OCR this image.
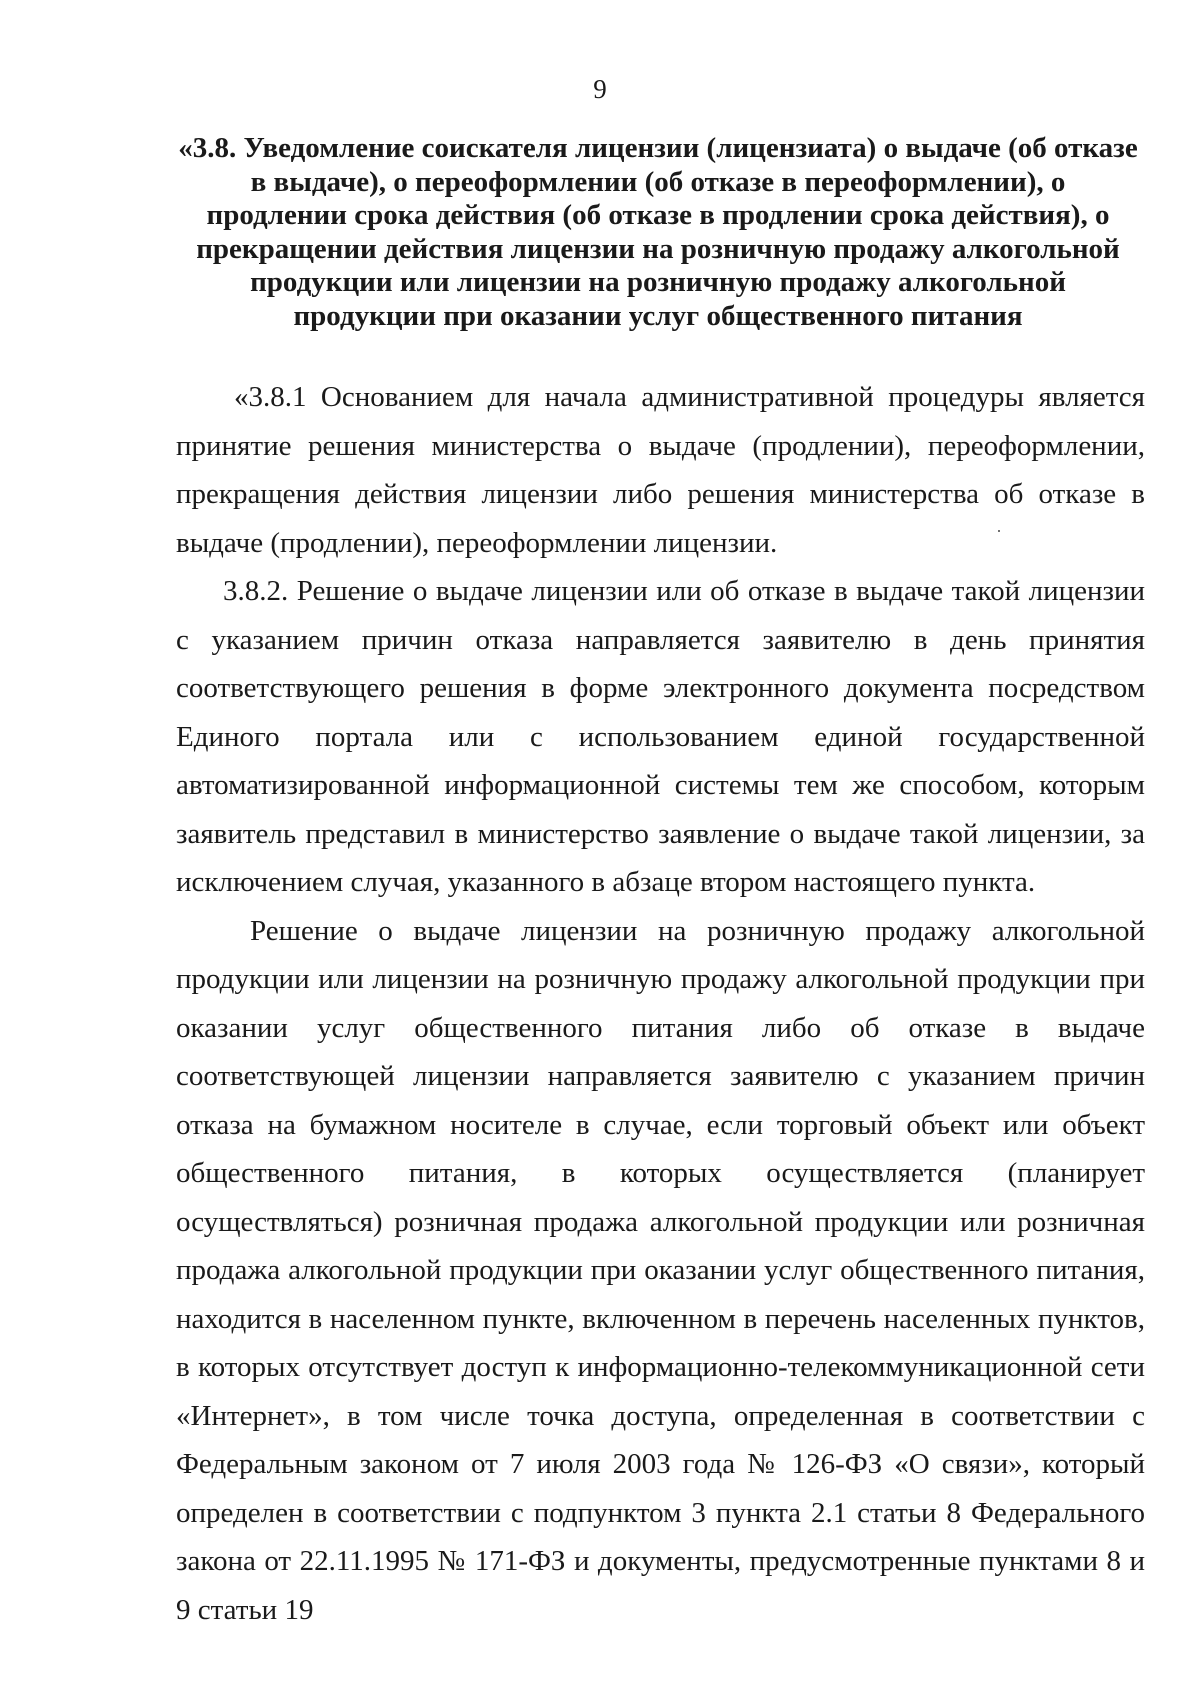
9
«3.8. Уведомление соискателя лицензии (лицензиата) о выдаче (об отказе в выдаче), о переоформлении (об отказе в переоформлении), о продлении срока действия (об отказе в продлении срока действия), о прекращении действия лицензии на розничную продажу алкогольной продукции или лицензии на розничную продажу алкогольной продукции при оказании услуг общественного питания

«3.8.1 Основанием для начала административной процедуры является принятие решения министерства о выдаче (продлении), переоформлении, прекращения действия лицензии либо решения министерства об отказе в выдаче (продлении), переоформлении лицензии.

3.8.2. Решение о выдаче лицензии или об отказе в выдаче такой лицензии с указанием причин отказа направляется заявителю в день принятия соответствующего решения в форме электронного документа посредством Единого портала или с использованием единой государственной автоматизированной информационной системы тем же способом, которым заявитель представил в министерство заявление о выдаче такой лицензии, за исключением случая, указанного в абзаце втором настоящего пункта.

Решение о выдаче лицензии на розничную продажу алкогольной продукции или лицензии на розничную продажу алкогольной продукции при оказании услуг общественного питания либо об отказе в выдаче соответствующей лицензии направляется заявителю с указанием причин отказа на бумажном носителе в случае, если торговый объект или объект общественного питания, в которых осуществляется (планирует осуществляться) розничная продажа алкогольной продукции или розничная продажа алкогольной продукции при оказании услуг общественного питания, находится в населенном пункте, включенном в перечень населенных пунктов, в которых отсутствует доступ к информационно-телекоммуникационной сети «Интернет», в том числе точка доступа, определенная в соответствии с Федеральным законом от 7 июля 2003 года № 126-ФЗ «О связи», который определен в соответствии с подпунктом 3 пункта 2.1 статьи 8 Федерального закона от 22.11.1995 № 171-ФЗ и документы, предусмотренные пунктами 8 и 9 статьи 19
